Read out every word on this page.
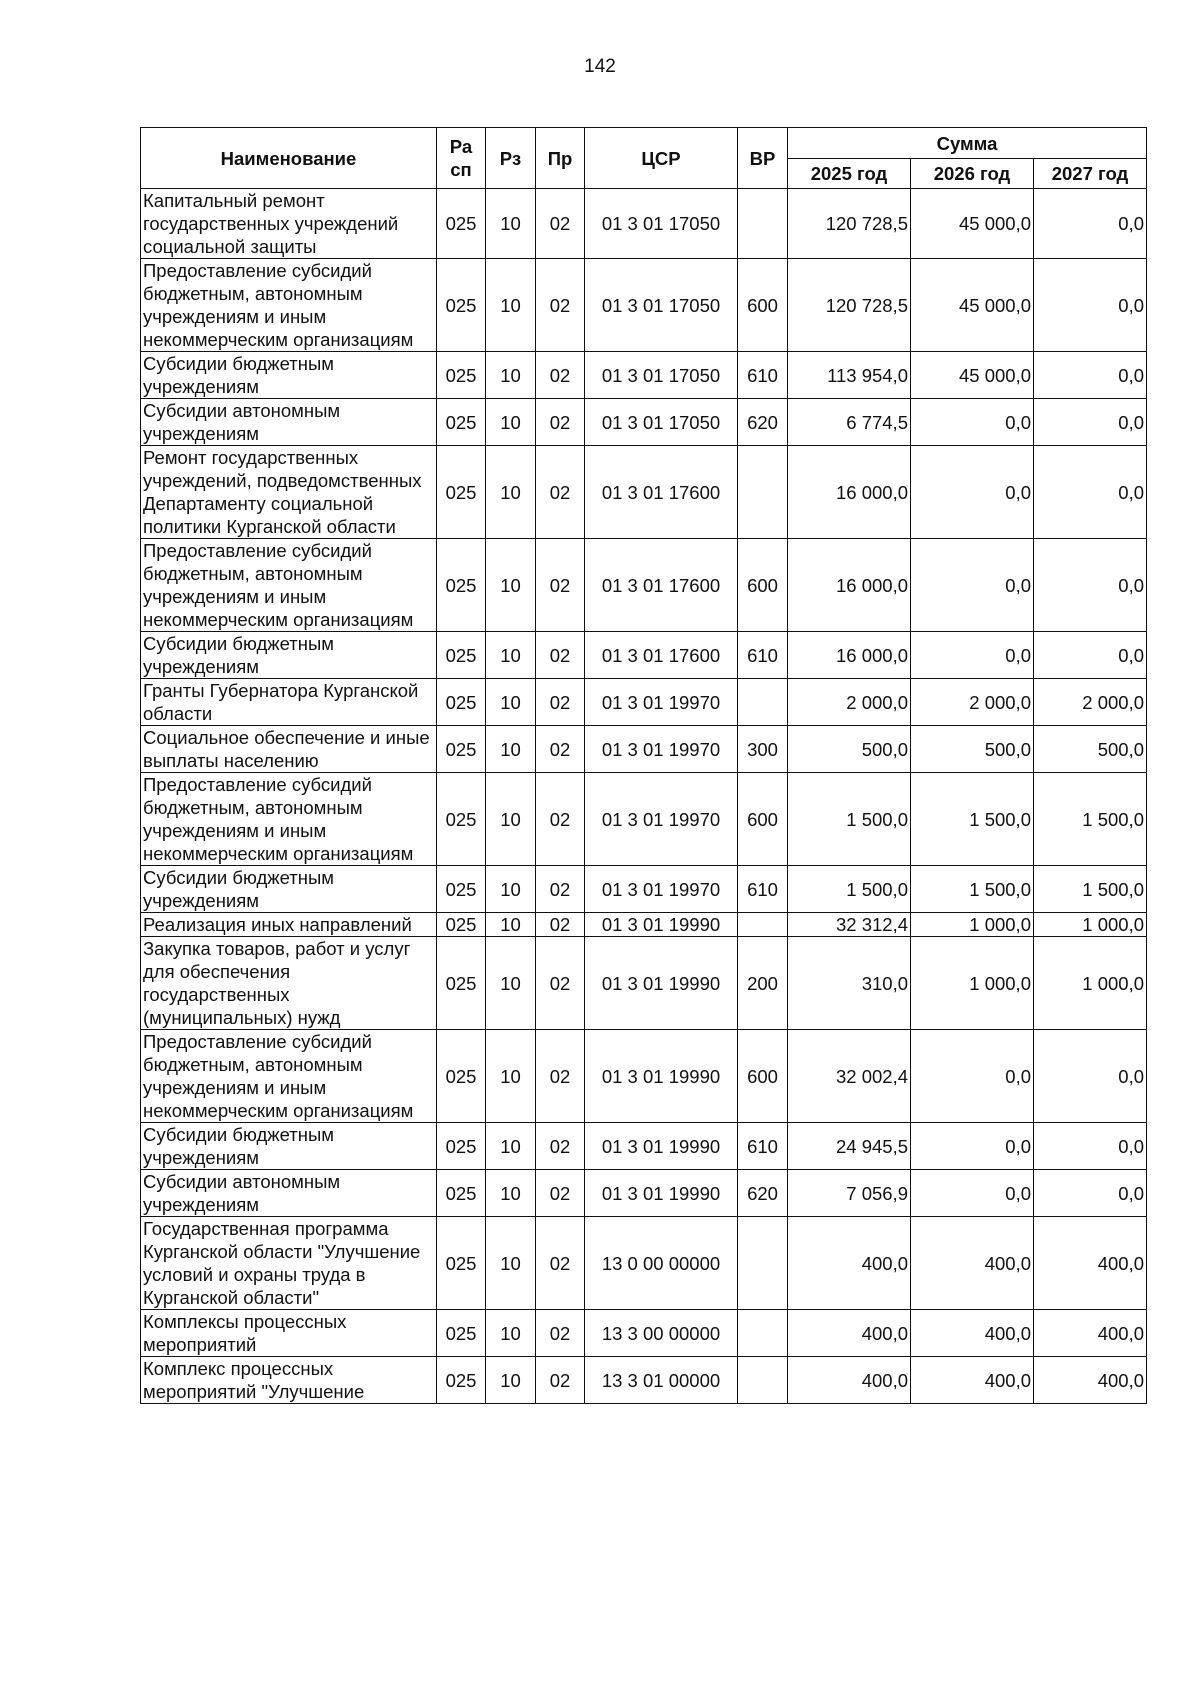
142
Наименование	Ра сп	Рз	Пр	ЦСР	ВР	Сумма		
						2025 год	2026 год	2027 год
Капитальный ремонт государственных учреждений социальной защиты	025	10	02	01 3 01 17050		120 728,5	45 000,0	0,0
Предоставление субсидий бюджетным, автономным учреждениям и иным некоммерческим организациям	025	10	02	01 3 01 17050	600	120 728,5	45 000,0	0,0
Субсидии бюджетным учреждениям	025	10	02	01 3 01 17050	610	113 954,0	45 000,0	0,0
Субсидии автономным учреждениям	025	10	02	01 3 01 17050	620	6 774,5	0,0	0,0
Ремонт государственных учреждений, подведомственных Департаменту социальной политики Курганской области	025	10	02	01 3 01 17600		16 000,0	0,0	0,0
Предоставление субсидий бюджетным, автономным учреждениям и иным некоммерческим организациям	025	10	02	01 3 01 17600	600	16 000,0	0,0	0,0
Субсидии бюджетным учреждениям	025	10	02	01 3 01 17600	610	16 000,0	0,0	0,0
Гранты Губернатора Курганской области	025	10	02	01 3 01 19970		2 000,0	2 000,0	2 000,0
Социальное обеспечение и иные выплаты населению	025	10	02	01 3 01 19970	300	500,0	500,0	500,0
Предоставление субсидий бюджетным, автономным учреждениям и иным некоммерческим организациям	025	10	02	01 3 01 19970	600	1 500,0	1 500,0	1 500,0
Субсидии бюджетным учреждениям	025	10	02	01 3 01 19970	610	1 500,0	1 500,0	1 500,0
Реализация иных направлений	025	10	02	01 3 01 19990		32 312,4	1 000,0	1 000,0
Закупка товаров, работ и услуг для обеспечения государственных (муниципальных) нужд	025	10	02	01 3 01 19990	200	310,0	1 000,0	1 000,0
Предоставление субсидий бюджетным, автономным учреждениям и иным некоммерческим организациям	025	10	02	01 3 01 19990	600	32 002,4	0,0	0,0
Субсидии бюджетным учреждениям	025	10	02	01 3 01 19990	610	24 945,5	0,0	0,0
Субсидии автономным учреждениям	025	10	02	01 3 01 19990	620	7 056,9	0,0	0,0
Государственная программа Курганской области "Улучшение условий и охраны труда в Курганской области"	025	10	02	13 0 00 00000		400,0	400,0	400,0
Комплексы процессных мероприятий	025	10	02	13 3 00 00000		400,0	400,0	400,0
Комплекс процессных мероприятий "Улучшение	025	10	02	13 3 01 00000		400,0	400,0	400,0
